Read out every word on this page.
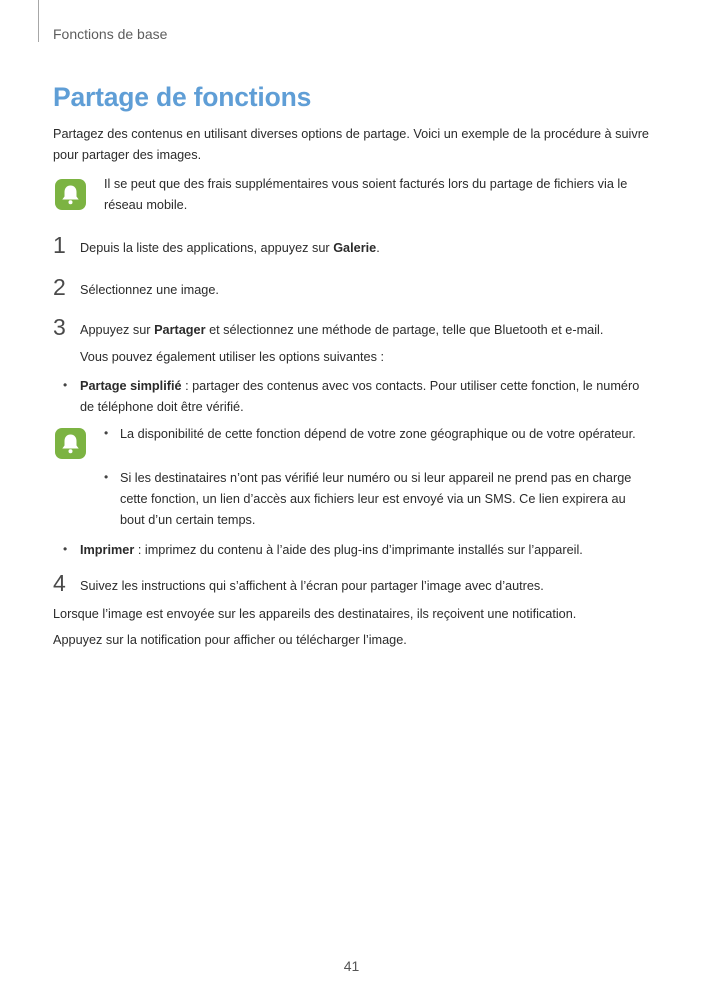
Fonctions de base
Partage de fonctions

Partagez des contenus en utilisant diverses options de partage. Voici un exemple de la procédure à suivre pour partager des images.

Il se peut que des frais supplémentaires vous soient facturés lors du partage de fichiers via le réseau mobile.

1 Depuis la liste des applications, appuyez sur Galerie.

2 Sélectionnez une image.

3 Appuyez sur Partager et sélectionnez une méthode de partage, telle que Bluetooth et e-mail.

Vous pouvez également utiliser les options suivantes :

• Partage simplifié : partager des contenus avec vos contacts. Pour utiliser cette fonction, le numéro de téléphone doit être vérifié.

• La disponibilité de cette fonction dépend de votre zone géographique ou de votre opérateur.

• Si les destinataires n’ont pas vérifié leur numéro ou si leur appareil ne prend pas en charge cette fonction, un lien d’accès aux fichiers leur est envoyé via un SMS. Ce lien expirera au bout d’un certain temps.

• Imprimer : imprimez du contenu à l’aide des plug-ins d’imprimante installés sur l’appareil.

4 Suivez les instructions qui s’affichent à l’écran pour partager l’image avec d’autres.

Lorsque l’image est envoyée sur les appareils des destinataires, ils reçoivent une notification.

Appuyez sur la notification pour afficher ou télécharger l’image.

41
